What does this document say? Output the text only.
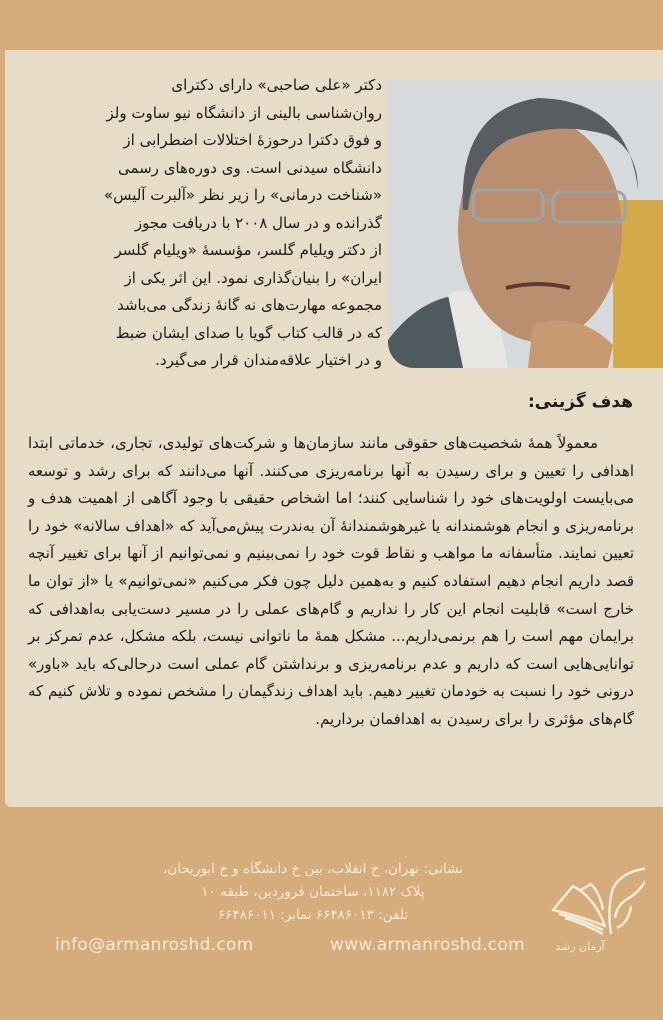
دکتر «علی صاحبی» دارای دکترای

روان‌شناسی بالینی از دانشگاه نیو ساوت ولز

و فوق دکترا درحوزهٔ اختلالات اضطرابی از

دانشگاه سیدنی است. وی دوره‌های رسمی

«شناخت درمانی» را زیر نظر «آلبرت آلیس»

گذرانده و در سال ۲۰۰۸ با دریافت مجوز

از دکتر ویلیام گلسر، مؤسسهٔ «ویلیام گلسر

ایران» را بنیان‌گذاری نمود. این اثر یکی از

مجموعه مهارت‌های نه گانهٔ زندگی می‌باشد

که در قالب کتاب گویا با صدای ایشان ضبط

و در اختیار علاقه‌مندان قرار می‌گیرد.

هدف گزینی:

معمولاً همهٔ شخصیت‌های حقوقی مانند سازمان‌ها و شرکت‌های تولیدی، تجاری، خدماتی ابتدا اهدافی را تعیین و برای رسیدن به آنها برنامه‌ریزی می‌کنند. آنها می‌دانند که برای رشد و توسعه می‌بایست اولویت‌های خود را شناسایی کنند؛ اما اشخاص حقیقی با وجود آگاهی از اهمیت هدف و برنامه‌ریزی و انجام هوشمندانه یا غیرهوشمندانهٔ آن به‌ندرت پیش‌می‌آید که «اهداف سالانه» خود را تعیین نمایند. متأسفانه ما مواهب و نقاط قوت خود را نمی‌بینیم و نمی‌توانیم از آنها برای تغییر آنچه قصد داریم انجام دهیم استفاده کنیم و به‌همین دلیل چون فکر می‌کنیم «نمی‌توانیم» یا «از توان ما خارج است» قابلیت انجام این کار را نداریم و گام‌های عملی را در مسیر دست‌یابی به‌اهدافی که برایمان مهم است را هم برنمی‌داریم... مشکل همهٔ ما ناتوانی نیست، بلکه مشکل، عدم تمرکز بر توانایی‌هایی است که داریم و عدم برنامه‌ریزی و برنداشتن گام عملی است درحالی‌که باید «باور» درونی خود را نسبت به خودمان تغییر دهیم. باید اهداف زندگیمان را مشخص نموده و تلاش کنیم که گام‌های مؤثری را برای رسیدن به اهدافمان برداریم.

نشانی: تهران، خ انقلاب، بین خ دانشگاه و خ ابوریحان،
پلاک ۱۱۸۲، ساختمان فروردین، طبقه ۱۰
تلفن: ۶۶۴۸۶۰۱۳ نمابر: ۶۶۴۸۶۰۱۱
info@armanroshd.com	www.armanroshd.com	آرمان رشد
